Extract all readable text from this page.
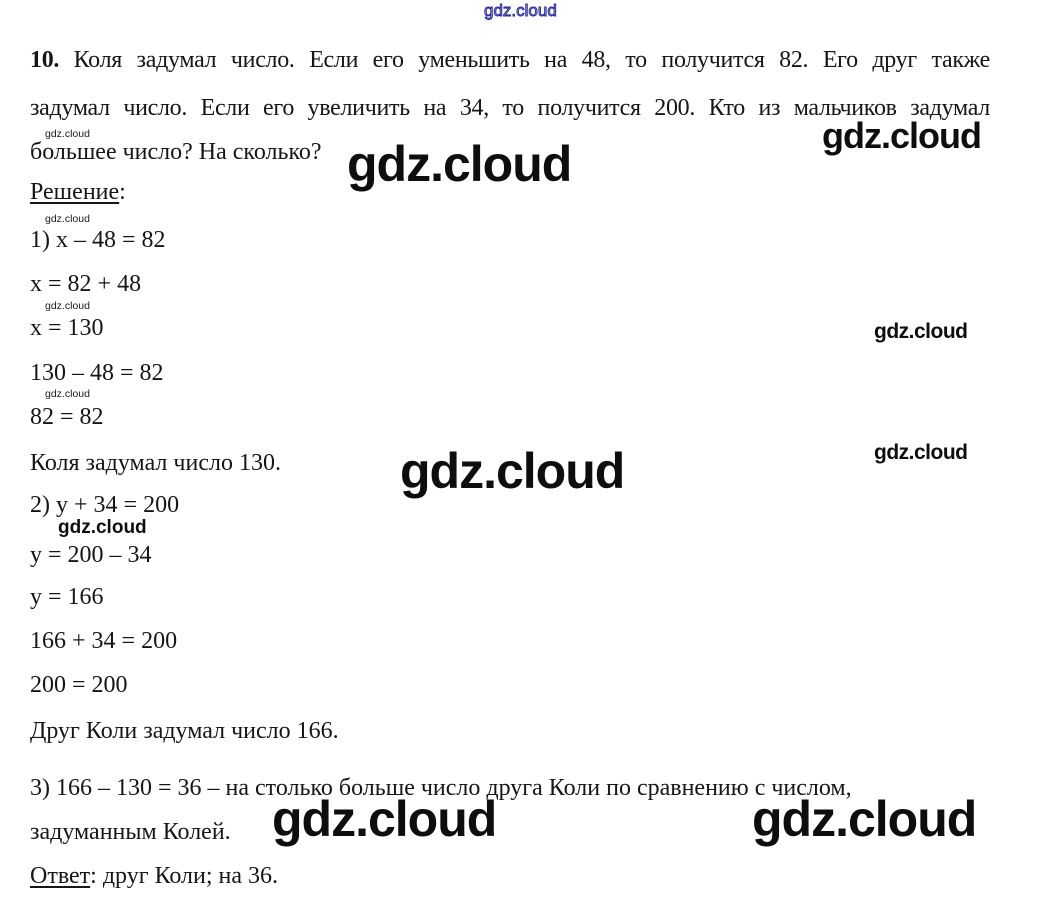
gdz.cloud
gdz.cloud
gdz.cloud
gdz.cloud
gdz.cloud
gdz.cloud
gdz.cloud
gdz.cloud
gdz.cloud
gdz.cloud
gdz.cloud
gdz.cloud	gdz.cloud
10. Коля задумал число. Если его уменьшить на 48, то получится 82. Его друг также
задумал число. Если его увеличить на 34, то получится 200. Кто из мальчиков задумал
большее число? На сколько?
Решение:
1) x – 48 = 82
x = 82 + 48
x = 130
130 – 48 = 82
82 = 82
Коля задумал число 130.
2) y + 34 = 200
y = 200 – 34
y = 166
166 + 34 = 200
200 = 200
Друг Коли задумал число 166.
3) 166 – 130 = 36 – на столько больше число друга Коли по сравнению с числом,
задуманным Колей.
Ответ: друг Коли; на 36.
